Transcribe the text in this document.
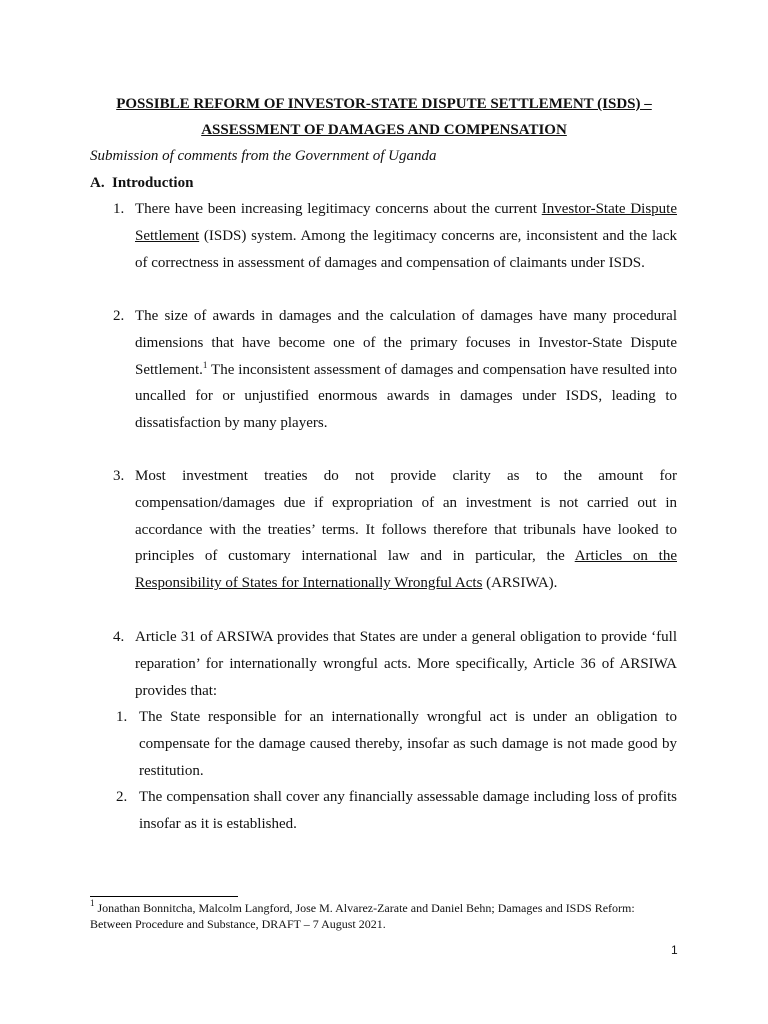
POSSIBLE REFORM OF INVESTOR-STATE DISPUTE SETTLEMENT (ISDS) –
ASSESSMENT OF DAMAGES AND COMPENSATION
Submission of comments from the Government of Uganda
A. Introduction
1. There have been increasing legitimacy concerns about the current Investor-State Dispute Settlement (ISDS) system. Among the legitimacy concerns are, inconsistent and the lack of correctness in assessment of damages and compensation of claimants under ISDS.
2. The size of awards in damages and the calculation of damages have many procedural dimensions that have become one of the primary focuses in Investor-State Dispute Settlement.$^1$ The inconsistent assessment of damages and compensation have resulted into uncalled for or unjustified enormous awards in damages under ISDS, leading to dissatisfaction by many players.
3. Most investment treaties do not provide clarity as to the amount for compensation/damages due if expropriation of an investment is not carried out in accordance with the treaties’ terms. It follows therefore that tribunals have looked to principles of customary international law and in particular, the Articles on the Responsibility of States for Internationally Wrongful Acts (ARSIWA).
4. Article 31 of ARSIWA provides that States are under a general obligation to provide ‘full reparation’ for internationally wrongful acts. More specifically, Article 36 of ARSIWA provides that:
1. The State responsible for an internationally wrongful act is under an obligation to compensate for the damage caused thereby, insofar as such damage is not made good by restitution.
2. The compensation shall cover any financially assessable damage including loss of profits insofar as it is established.
$^1$ Jonathan Bonnitcha, Malcolm Langford, Jose M. Alvarez-Zarate and Daniel Behn; Damages and ISDS Reform: Between Procedure and Substance, DRAFT – 7 August 2021.
1
